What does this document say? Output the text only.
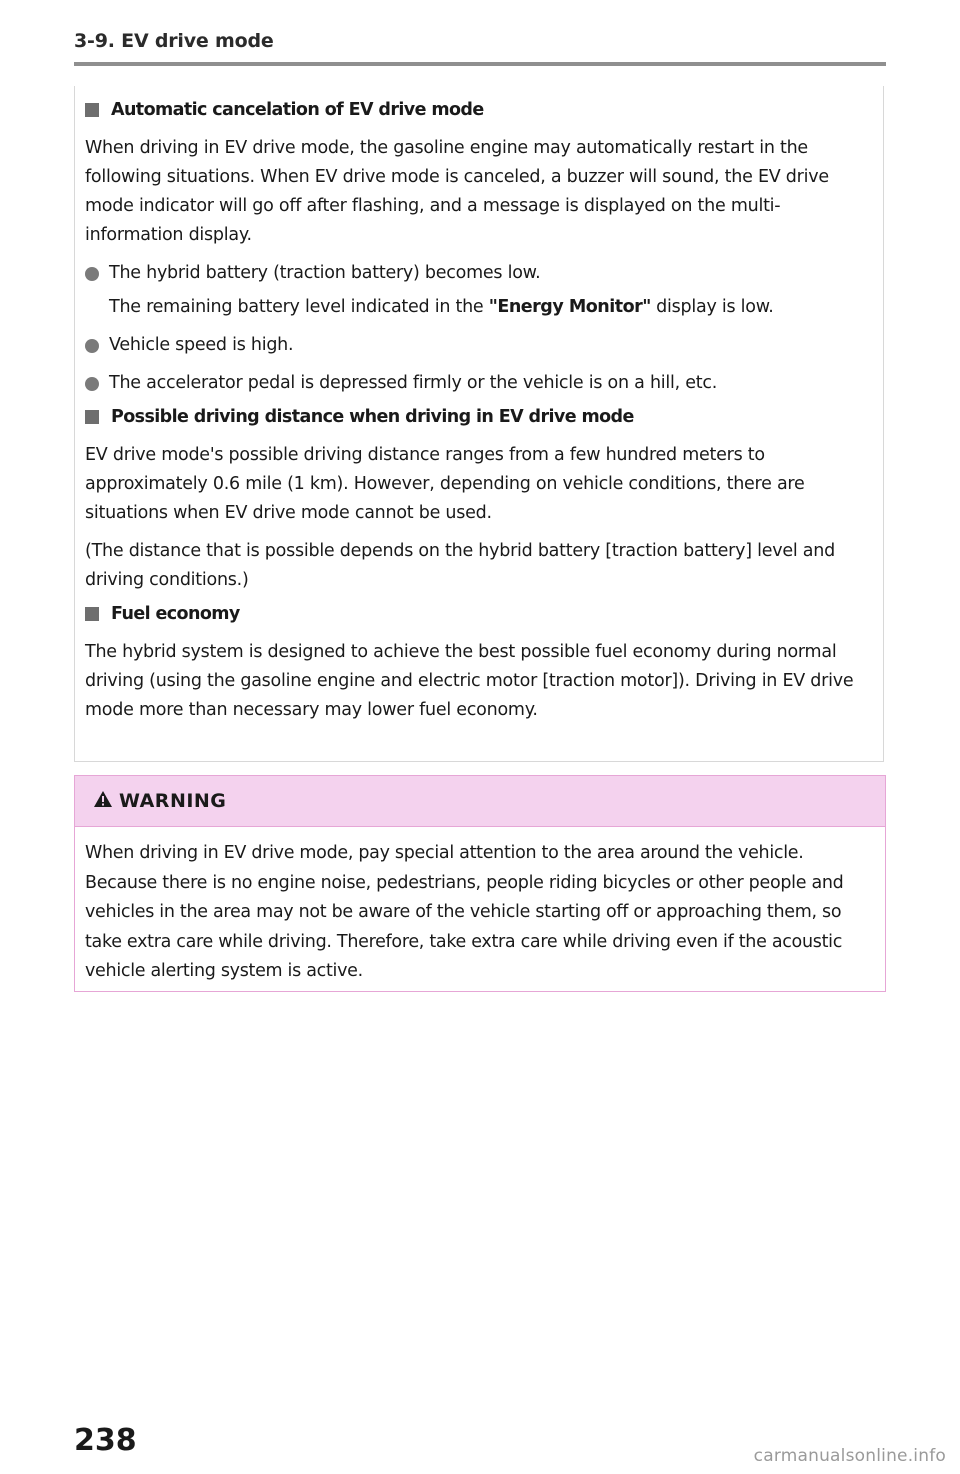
3-9. EV drive mode
Automatic cancelation of EV drive mode

When driving in EV drive mode, the gasoline engine may automatically restart in the following situations. When EV drive mode is canceled, a buzzer will sound, the EV drive mode indicator will go off after flashing, and a message is displayed on the multi-information display.

The hybrid battery (traction battery) becomes low.

The remaining battery level indicated in the "Energy Monitor" display is low.

Vehicle speed is high.
The accelerator pedal is depressed firmly or the vehicle is on a hill, etc.
Possible driving distance when driving in EV drive mode

EV drive mode's possible driving distance ranges from a few hundred meters to approximately 0.6 mile (1 km). However, depending on vehicle conditions, there are situations when EV drive mode cannot be used.

(The distance that is possible depends on the hybrid battery [traction battery] level and driving conditions.)

Fuel economy

The hybrid system is designed to achieve the best possible fuel economy during normal driving (using the gasoline engine and electric motor [traction motor]). Driving in EV drive mode more than necessary may lower fuel economy.

WARNING
When driving in EV drive mode, pay special attention to the area around the vehicle. Because there is no engine noise, pedestrians, people riding bicycles or other people and vehicles in the area may not be aware of the vehicle starting off or approaching them, so take extra care while driving. Therefore, take extra care while driving even if the acoustic vehicle alerting system is active.
238	carmanualsonline.info
